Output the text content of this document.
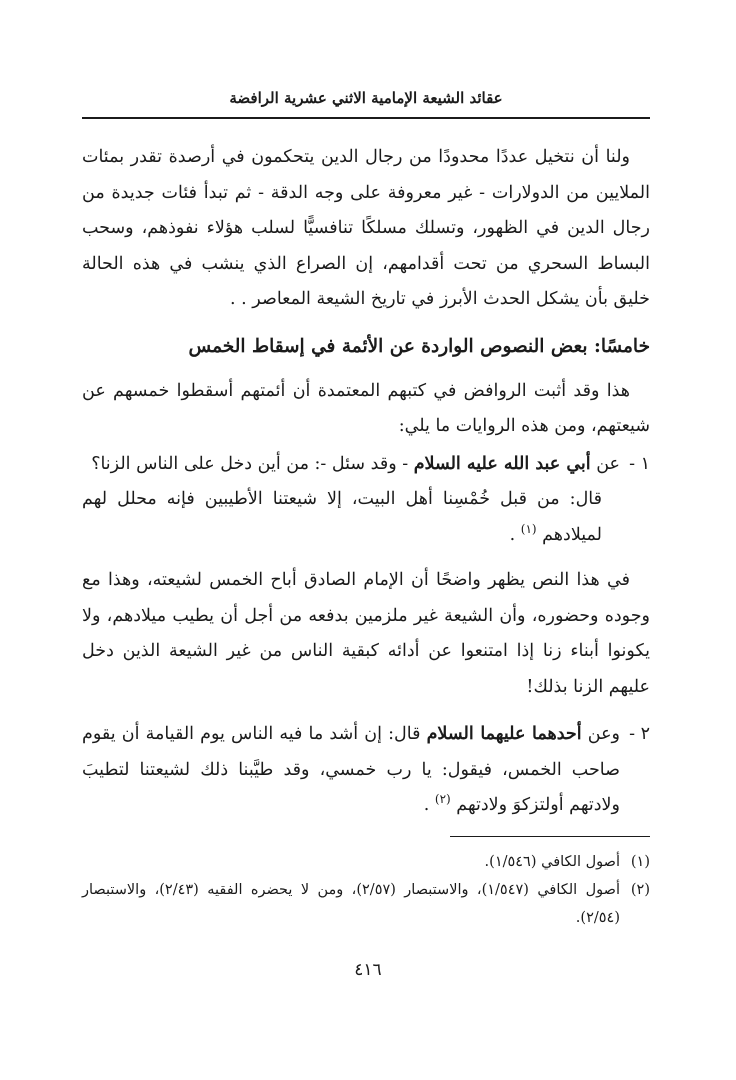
عقائد الشيعة الإمامية الاثني عشرية الرافضة

ولنا أن نتخيل عددًا محدودًا من رجال الدين يتحكمون في أرصدة تقدر بمئات الملايين من الدولارات - غير معروفة على وجه الدقة - ثم تبدأ فئات جديدة من رجال الدين في الظهور، وتسلك مسلكًا تنافسيًّا لسلب هؤلاء نفوذهم، وسحب البساط السحري من تحت أقدامهم، إن الصراع الذي ينشب في هذه الحالة خليق بأن يشكل الحدث الأبرز في تاريخ الشيعة المعاصر . .

خامسًا: بعض النصوص الواردة عن الأئمة في إسقاط الخمس

هذا وقد أثبت الروافض في كتبهم المعتمدة أن أئمتهم أسقطوا خمسهم عن شيعتهم، ومن هذه الروايات ما يلي:

١ -
عن أبي عبد الله عليه السلام - وقد سئل -: من أين دخل على الناس الزنا؟
قال: من قبل خُمْسِنا أهل البيت، إلا شيعتنا الأطيبين فإنه محلل لهم لميلادهم $^{(١)}$ .

في هذا النص يظهر واضحًا أن الإمام الصادق أباح الخمس لشيعته، وهذا مع وجوده وحضوره، وأن الشيعة غير ملزمين بدفعه من أجل أن يطيب ميلادهم، ولا يكونوا أبناء زنا إذا امتنعوا عن أدائه كبقية الناس من غير الشيعة الذين دخل عليهم الزنا بذلك!

٢ -
وعن أحدهما عليهما السلام قال: إن أشد ما فيه الناس يوم القيامة أن يقوم صاحب الخمس، فيقول: يا رب خمسي، وقد طيَّبنا ذلك لشيعتنا لتطيبَ ولادتهم أولتزكوَ ولادتهم $^{(٢)}$ .
(١)
أصول الكافي (١/٥٤٦).
(٢)
أصول الكافي (١/٥٤٧)، والاستبصار (٢/٥٧)، ومن لا يحضره الفقيه (٢/٤٣)، والاستبصار (٢/٥٤).
٤١٦
